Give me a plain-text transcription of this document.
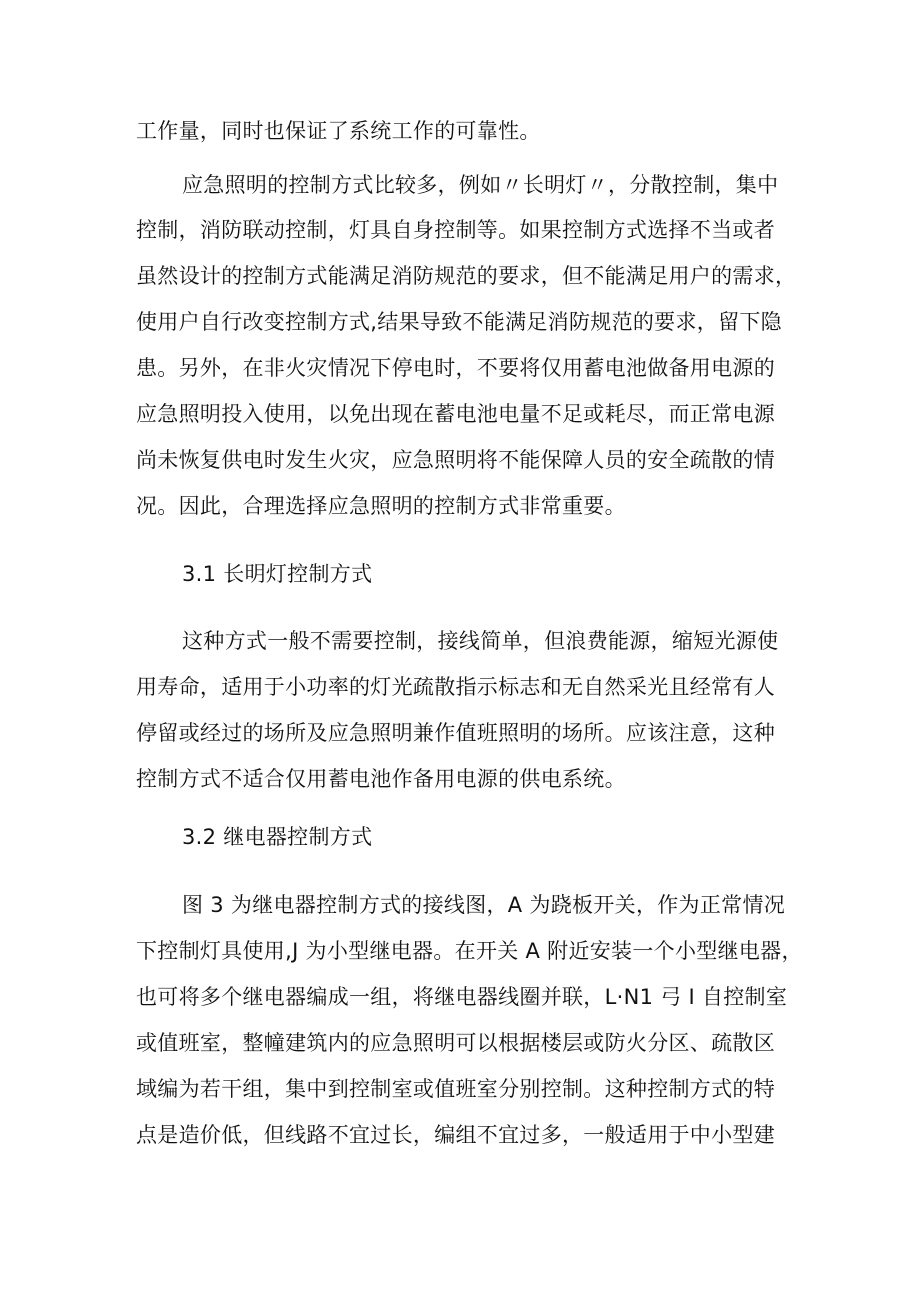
工作量，同时也保证了系统工作的可靠性。
应急照明的控制方式比较多，例如〃长明灯〃，分散控制，集中
控制，消防联动控制，灯具自身控制等。如果控制方式选择不当或者
虽然设计的控制方式能满足消防规范的要求，但不能满足用户的需求，
使用户自行改变控制方式,结果导致不能满足消防规范的要求，留下隐
患。另外，在非火灾情况下停电时，不要将仅用蓄电池做备用电源的
应急照明投入使用，以免出现在蓄电池电量不足或耗尽，而正常电源
尚未恢复供电时发生火灾，应急照明将不能保障人员的安全疏散的情
况。因此，合理选择应急照明的控制方式非常重要。
3.1 长明灯控制方式
这种方式一般不需要控制，接线简单，但浪费能源，缩短光源使
用寿命，适用于小功率的灯光疏散指示标志和无自然采光且经常有人
停留或经过的场所及应急照明兼作值班照明的场所。应该注意，这种
控制方式不适合仅用蓄电池作备用电源的供电系统。
3.2 继电器控制方式
图 3 为继电器控制方式的接线图，A 为跷板开关，作为正常情况
下控制灯具使用,J 为小型继电器。在开关 A 附近安装一个小型继电器，
也可将多个继电器编成一组，将继电器线圈并联，L·N1 弓 I 自控制室
或值班室，整幢建筑内的应急照明可以根据楼层或防火分区、疏散区
域编为若干组，集中到控制室或值班室分别控制。这种控制方式的特
点是造价低，但线路不宜过长，编组不宜过多，一般适用于中小型建
